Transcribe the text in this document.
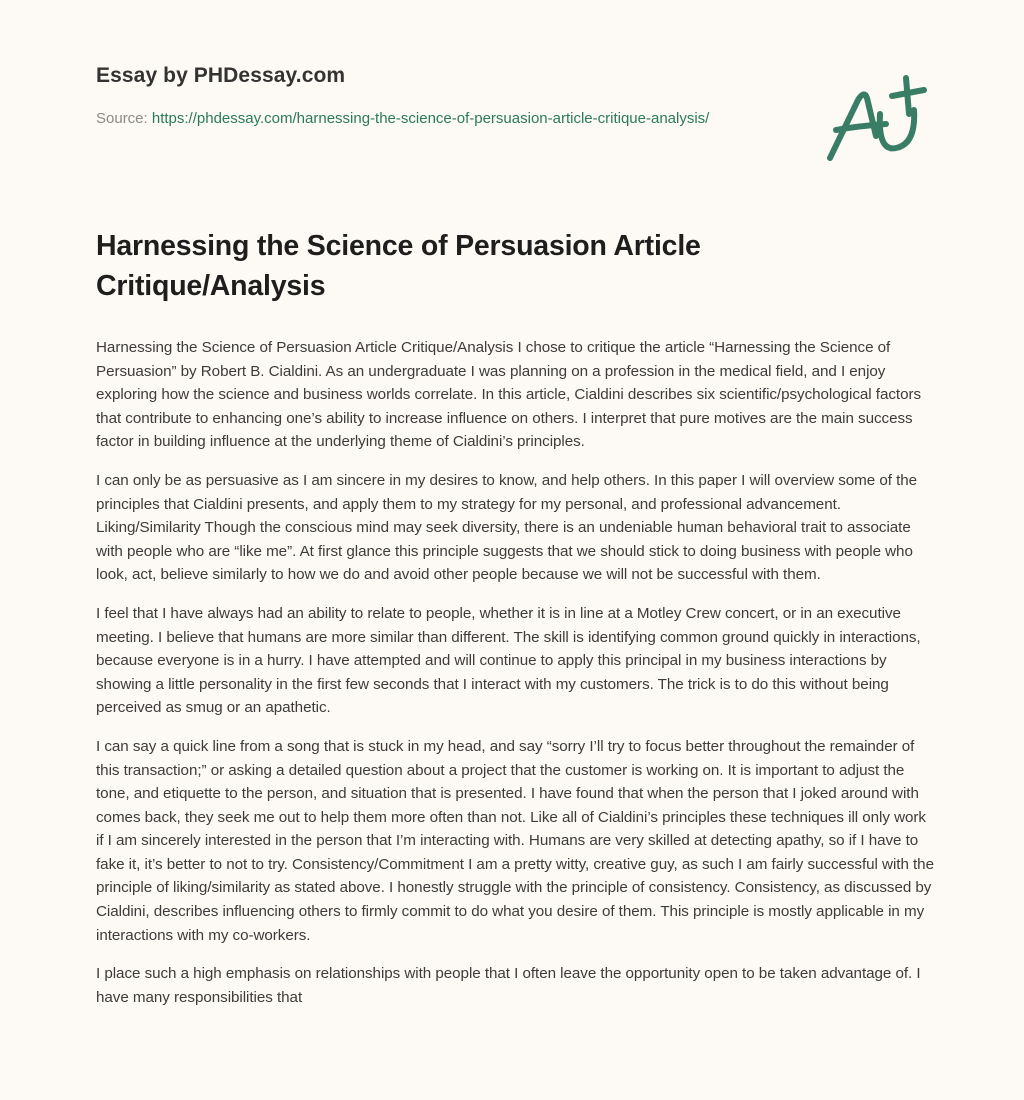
Essay by PHDessay.com
Source: https://phdessay.com/harnessing-the-science-of-persuasion-article-critique-analysis/
Harnessing the Science of Persuasion Article Critique/Analysis

Harnessing the Science of Persuasion Article Critique/Analysis I chose to critique the article “Harnessing the Science of Persuasion” by Robert B. Cialdini. As an undergraduate I was planning on a profession in the medical field, and I enjoy exploring how the science and business worlds correlate. In this article, Cialdini describes six scientific/psychological factors that contribute to enhancing one’s ability to increase influence on others. I interpret that pure motives are the main success factor in building influence at the underlying theme of Cialdini’s principles.

I can only be as persuasive as I am sincere in my desires to know, and help others. In this paper I will overview some of the principles that Cialdini presents, and apply them to my strategy for my personal, and professional advancement. Liking/Similarity Though the conscious mind may seek diversity, there is an undeniable human behavioral trait to associate with people who are “like me”. At first glance this principle suggests that we should stick to doing business with people who look, act, believe similarly to how we do and avoid other people because we will not be successful with them.

I feel that I have always had an ability to relate to people, whether it is in line at a Motley Crew concert, or in an executive meeting. I believe that humans are more similar than different. The skill is identifying common ground quickly in interactions, because everyone is in a hurry. I have attempted and will continue to apply this principal in my business interactions by showing a little personality in the first few seconds that I interact with my customers. The trick is to do this without being perceived as smug or an apathetic.

I can say a quick line from a song that is stuck in my head, and say “sorry I’ll try to focus better throughout the remainder of this transaction;” or asking a detailed question about a project that the customer is working on. It is important to adjust the tone, and etiquette to the person, and situation that is presented. I have found that when the person that I joked around with comes back, they seek me out to help them more often than not. Like all of Cialdini’s principles these techniques ill only work if I am sincerely interested in the person that I’m interacting with. Humans are very skilled at detecting apathy, so if I have to fake it, it’s better to not to try. Consistency/Commitment I am a pretty witty, creative guy, as such I am fairly successful with the principle of liking/similarity as stated above. I honestly struggle with the principle of consistency. Consistency, as discussed by Cialdini, describes influencing others to firmly commit to do what you desire of them. This principle is mostly applicable in my interactions with my co-workers.

I place such a high emphasis on relationships with people that I often leave the opportunity open to be taken advantage of. I have many responsibilities that
